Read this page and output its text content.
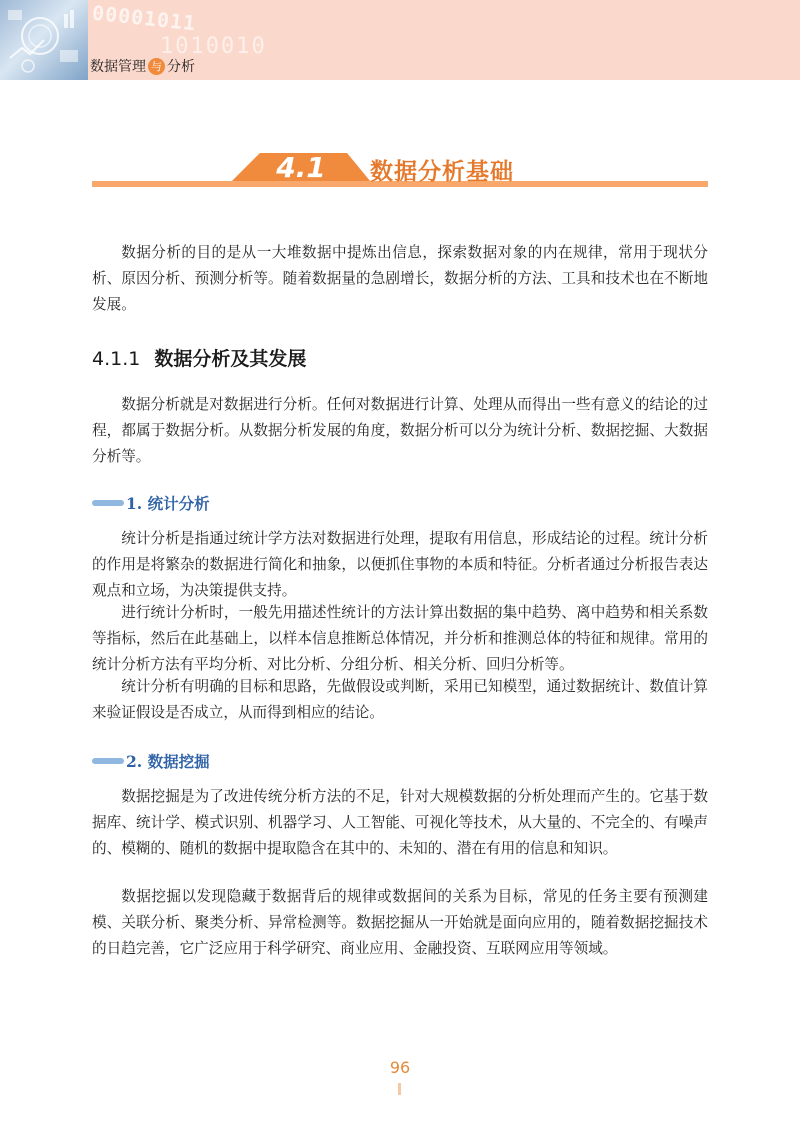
00001011
1010010
数据管理 与 分析
4.1	数据分析基础

数据分析的目的是从一大堆数据中提炼出信息，探索数据对象的内在规律，常用于现状分析、原因分析、预测分析等。随着数据量的急剧增长，数据分析的方法、工具和技术也在不断地发展。

4.1.1 数据分析及其发展

数据分析就是对数据进行分析。任何对数据进行计算、处理从而得出一些有意义的结论的过程，都属于数据分析。从数据分析发展的角度，数据分析可以分为统计分析、数据挖掘、大数据分析等。

1. 统计分析

统计分析是指通过统计学方法对数据进行处理，提取有用信息，形成结论的过程。统计分析的作用是将繁杂的数据进行简化和抽象，以便抓住事物的本质和特征。分析者通过分析报告表达观点和立场，为决策提供支持。

进行统计分析时，一般先用描述性统计的方法计算出数据的集中趋势、离中趋势和相关系数等指标，然后在此基础上，以样本信息推断总体情况，并分析和推测总体的特征和规律。常用的统计分析方法有平均分析、对比分析、分组分析、相关分析、回归分析等。

统计分析有明确的目标和思路，先做假设或判断，采用已知模型，通过数据统计、数值计算来验证假设是否成立，从而得到相应的结论。

2. 数据挖掘

数据挖掘是为了改进传统分析方法的不足，针对大规模数据的分析处理而产生的。它基于数据库、统计学、模式识别、机器学习、人工智能、可视化等技术，从大量的、不完全的、有噪声的、模糊的、随机的数据中提取隐含在其中的、未知的、潜在有用的信息和知识。

数据挖掘以发现隐藏于数据背后的规律或数据间的关系为目标，常见的任务主要有预测建模、关联分析、聚类分析、异常检测等。数据挖掘从一开始就是面向应用的，随着数据挖掘技术的日趋完善，它广泛应用于科学研究、商业应用、金融投资、互联网应用等领域。

96
